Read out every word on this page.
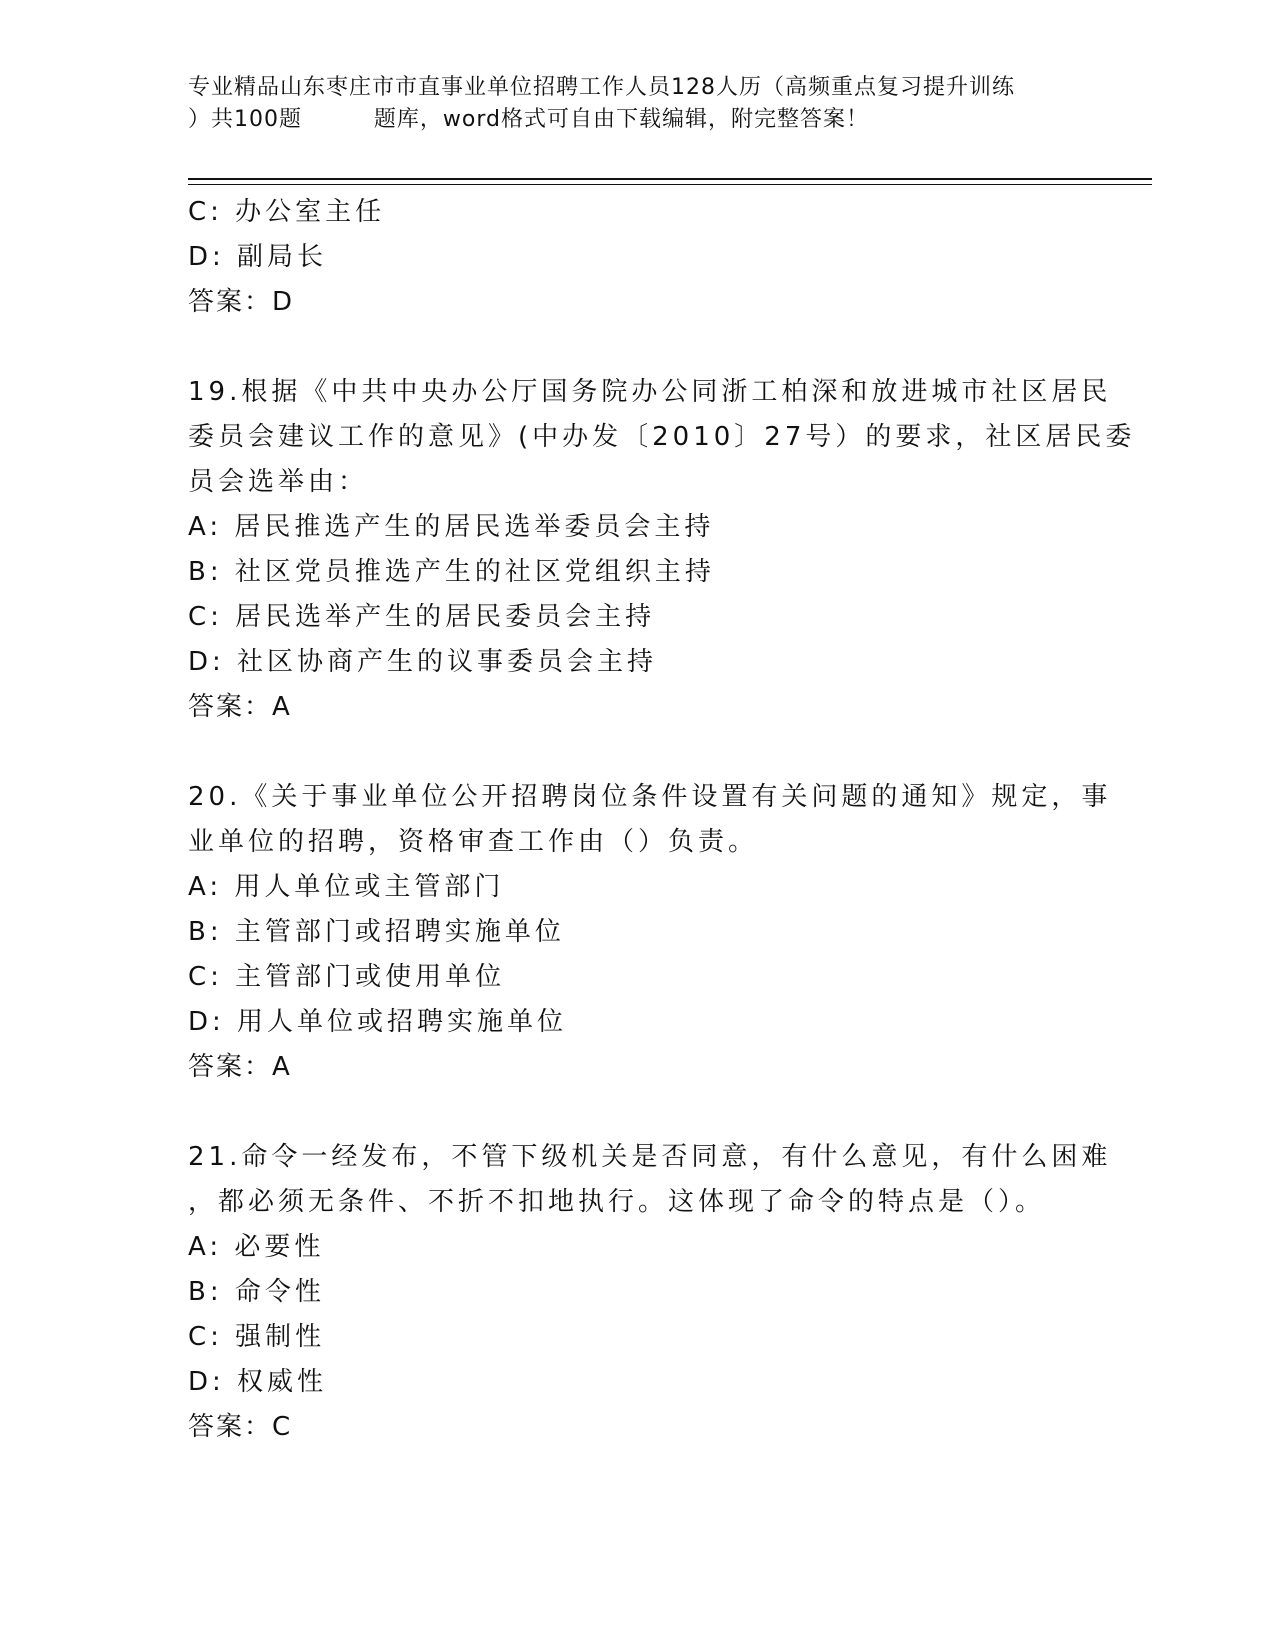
专业精品山东枣庄市市直事业单位招聘工作人员128人历（高频重点复习提升训练
）共100题         题库，word格式可自由下载编辑，附完整答案！
C: 办公室主任
D: 副局长
答案：D
19.根据《中共中央办公厅国务院办公同浙工柏深和放进城市社区居民
委员会建议工作的意见》(中办发〔2010〕27号）的要求，社区居民委
员会选举由：
A: 居民推选产生的居民选举委员会主持
B: 社区党员推选产生的社区党组织主持
C: 居民选举产生的居民委员会主持
D: 社区协商产生的议事委员会主持
答案：A
20.《关于事业单位公开招聘岗位条件设置有关问题的通知》规定，事
业单位的招聘，资格审查工作由（）负责。
A: 用人单位或主管部门
B: 主管部门或招聘实施单位
C: 主管部门或使用单位
D: 用人单位或招聘实施单位
答案：A
21.命令一经发布，不管下级机关是否同意，有什么意见，有什么困难
，都必须无条件、不折不扣地执行。这体现了命令的特点是（）。
A: 必要性
B: 命令性
C: 强制性
D: 权威性
答案：C
